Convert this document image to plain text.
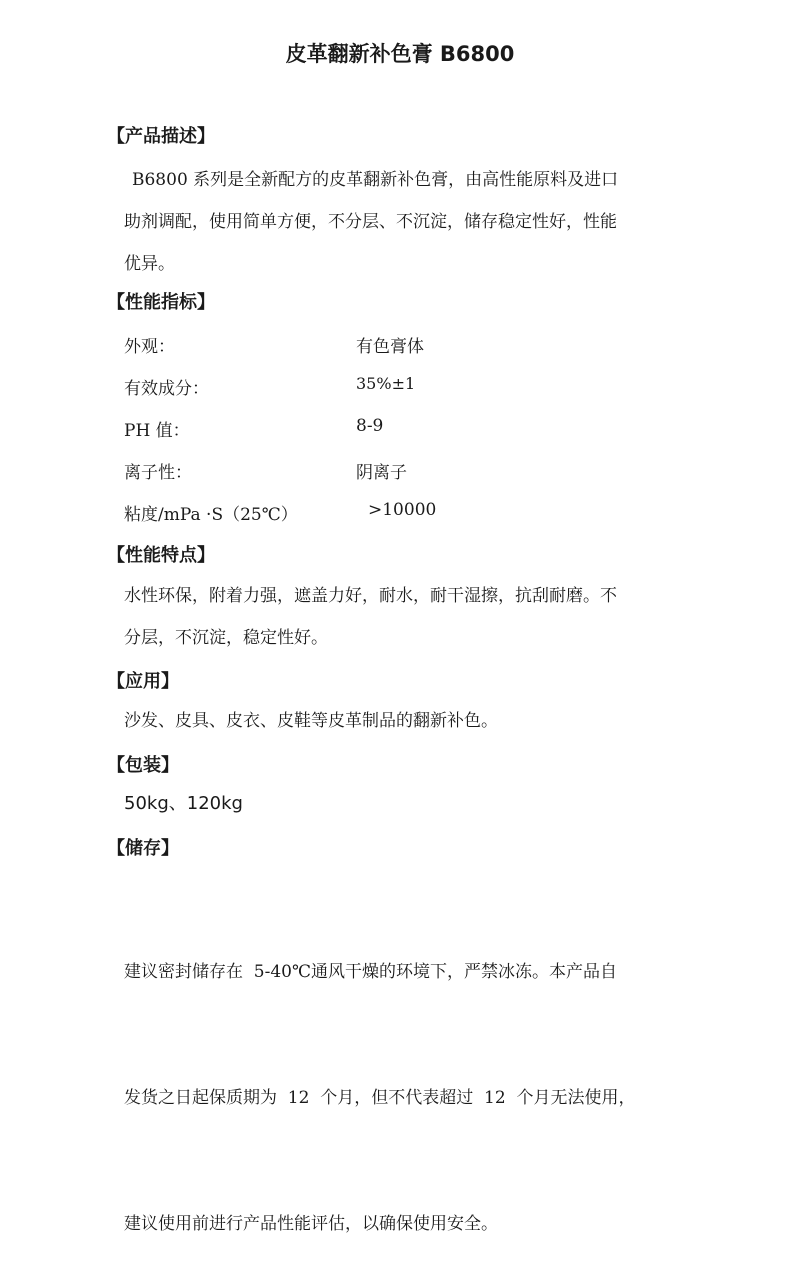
皮革翻新补色膏 B6800
【产品描述】
B6800 系列是全新配方的皮革翻新补色膏，由高性能原料及进口
助剂调配，使用简单方便，不分层、不沉淀，储存稳定性好，性能
优异。
【性能指标】
外观：	有色膏体
有效成分：	35%±1
PH 值：	8-9
离子性：	阴离子
粘度/mPa ·S（25℃）	>10000
【性能特点】
水性环保，附着力强，遮盖力好，耐水，耐干湿擦，抗刮耐磨。不
分层，不沉淀，稳定性好。
【应用】
沙发、皮具、皮衣、皮鞋等皮革制品的翻新补色。
【包装】
50kg、120kg
【储存】

建议密封储存在  5-40℃通风干燥的环境下，严禁冰冻。本产品自

发货之日起保质期为  12  个月，但不代表超过  12  个月无法使用，

建议使用前进行产品性能评估，以确保使用安全。
